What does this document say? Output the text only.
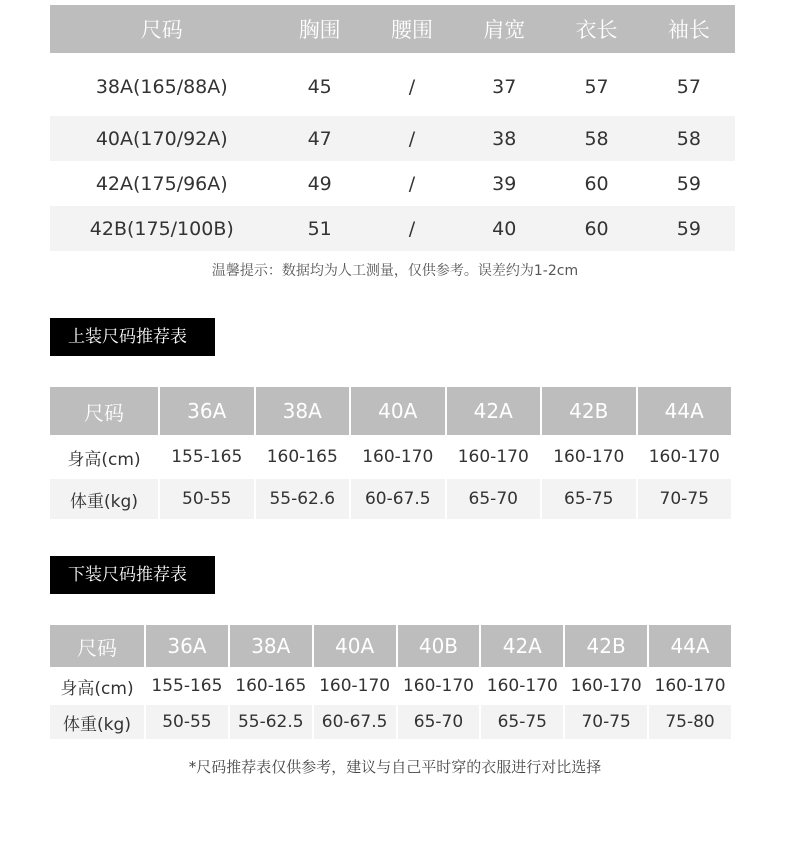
尺码	胸围	腰围	肩宽	衣长	袖长
38A(165/88A)	45	/	37	57	57
40A(170/92A)	47	/	38	58	58
42A(175/96A)	49	/	39	60	59
42B(175/100B)	51	/	40	60	59
温馨提示：数据均为人工测量，仅供参考。误差约为1-2cm
上装尺码推荐表
尺码	36A	38A	40A	42A	42B	44A
身高(cm)	155-165	160-165	160-170	160-170	160-170	160-170
体重(kg)	50-55	55-62.6	60-67.5	65-70	65-75	70-75
下装尺码推荐表
尺码	36A	38A	40A	40B	42A	42B	44A
身高(cm)	155-165	160-165	160-170	160-170	160-170	160-170	160-170
体重(kg)	50-55	55-62.5	60-67.5	65-70	65-75	70-75	75-80
*尺码推荐表仅供参考，建议与自己平时穿的衣服进行对比选择
